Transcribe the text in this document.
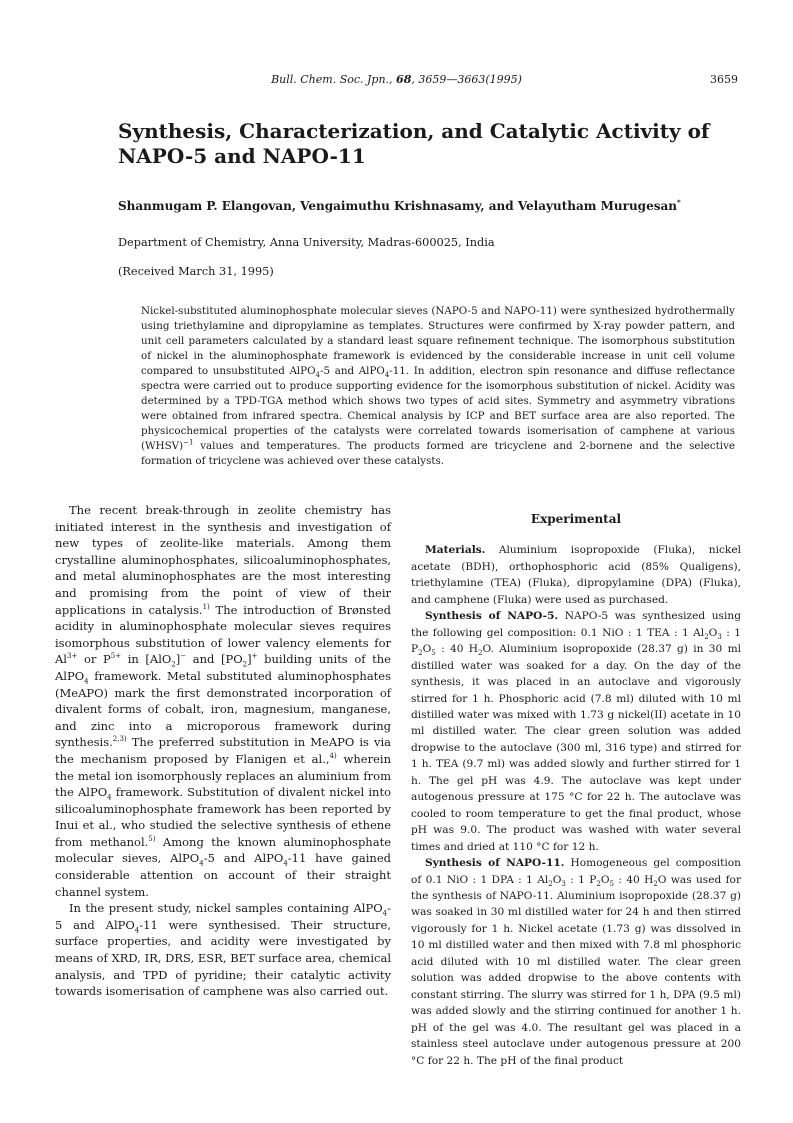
Bull. Chem. Soc. Jpn., 68, 3659—3663(1995)	3659
Synthesis, Characterization, and Catalytic Activity of NAPO-5 and NAPO-11
Shanmugam P. Elangovan, Vengaimuthu Krishnasamy, and Velayutham Murugesan*
Department of Chemistry, Anna University, Madras-600025, India
(Received March 31, 1995)

Nickel-substituted aluminophosphate molecular sieves (NAPO-5 and NAPO-11) were synthesized hydrothermally using triethylamine and dipropylamine as templates. Structures were confirmed by X-ray powder pattern, and unit cell parameters calculated by a standard least square refinement technique. The isomorphous substitution of nickel in the aluminophosphate framework is evidenced by the considerable increase in unit cell volume compared to unsubstituted AlPO$_4$-5 and AlPO$_4$-11. In addition, electron spin resonance and diffuse reflectance spectra were carried out to produce supporting evidence for the isomorphous substitution of nickel. Acidity was determined by a TPD-TGA method which shows two types of acid sites. Symmetry and asymmetry vibrations were obtained from infrared spectra. Chemical analysis by ICP and BET surface area are also reported. The physicochemical properties of the catalysts were correlated towards isomerisation of camphene at various (WHSV)$^{-1}$ values and temperatures. The products formed are tricyclene and 2-bornene and the selective formation of tricyclene was achieved over these catalysts.

The recent break-through in zeolite chemistry has initiated interest in the synthesis and investigation of new types of zeolite-like materials. Among them crystalline aluminophosphates, silicoaluminophosphates, and metal aluminophosphates are the most interesting and promising from the point of view of their applications in catalysis.$^{1)}$ The introduction of Brønsted acidity in aluminophosphate molecular sieves requires isomorphous substitution of lower valency elements for $Al^{3+}$ or $P^{5+}$ in [AlO$_2$]− and $[PO_2]^+$ building units of the AlPO$_4$ framework. Metal substituted aluminophosphates (MeAPO) mark the first demonstrated incorporation of divalent forms of cobalt, iron, magnesium, manganese, and zinc into a microporous framework during synthesis.$^{2,3)}$ The preferred substitution in MeAPO is via the mechanism proposed by Flanigen et al.,$^{4)}$ wherein the metal ion isomorphously replaces an aluminium from the AlPO$_4$ framework. Substitution of divalent nickel into silicoaluminophosphate framework has been reported by Inui et al., who studied the selective synthesis of ethene from methanol.$^{5)}$ Among the known aluminophosphate molecular sieves, AlPO$_4$-5 and AlPO$_4$-11 have gained considerable attention on account of their straight channel system.

In the present study, nickel samples containing AlPO$_4$-5 and AlPO$_4$-11 were synthesised. Their structure, surface properties, and acidity were investigated by means of XRD, IR, DRS, ESR, BET surface area, chemical analysis, and TPD of pyridine; their catalytic activity towards isomerisation of camphene was also carried out.

Experimental

Materials. Aluminium isopropoxide (Fluka), nickel acetate (BDH), orthophosphoric acid (85% Qualigens), triethylamine (TEA) (Fluka), dipropylamine (DPA) (Fluka), and camphene (Fluka) were used as purchased.

Synthesis of NAPO-5. NAPO-5 was synthesized using the following gel composition: 0.1 NiO : 1 TEA : 1 $Al_2O_3$ : 1 $P_2O_5$ : 40 $H_2O$. Aluminium isopropoxide (28.37 g) in 30 ml distilled water was soaked for a day. On the day of the synthesis, it was placed in an autoclave and vigorously stirred for 1 h. Phosphoric acid (7.8 ml) diluted with 10 ml distilled water was mixed with 1.73 g nickel(II) acetate in 10 ml distilled water. The clear green solution was added dropwise to the autoclave (300 ml, 316 type) and stirred for 1 h. TEA (9.7 ml) was added slowly and further stirred for 1 h. The gel pH was 4.9. The autoclave was kept under autogenous pressure at 175 °C for 22 h. The autoclave was cooled to room temperature to get the final product, whose pH was 9.0. The product was washed with water several times and dried at 110 °C for 12 h.

Synthesis of NAPO-11. Homogeneous gel composition of 0.1 NiO : 1 DPA : 1 $Al_2O_3$ : 1 $P_2O_5$ : 40 $H_2O$ was used for the synthesis of NAPO-11. Aluminium isopropoxide (28.37 g) was soaked in 30 ml distilled water for 24 h and then stirred vigorously for 1 h. Nickel acetate (1.73 g) was dissolved in 10 ml distilled water and then mixed with 7.8 ml phosphoric acid diluted with 10 ml distilled water. The clear green solution was added dropwise to the above contents with constant stirring. The slurry was stirred for 1 h, DPA (9.5 ml) was added slowly and the stirring continued for another 1 h. pH of the gel was 4.0. The resultant gel was placed in a stainless steel autoclave under autogenous pressure at 200 °C for 22 h. The pH of the final product
